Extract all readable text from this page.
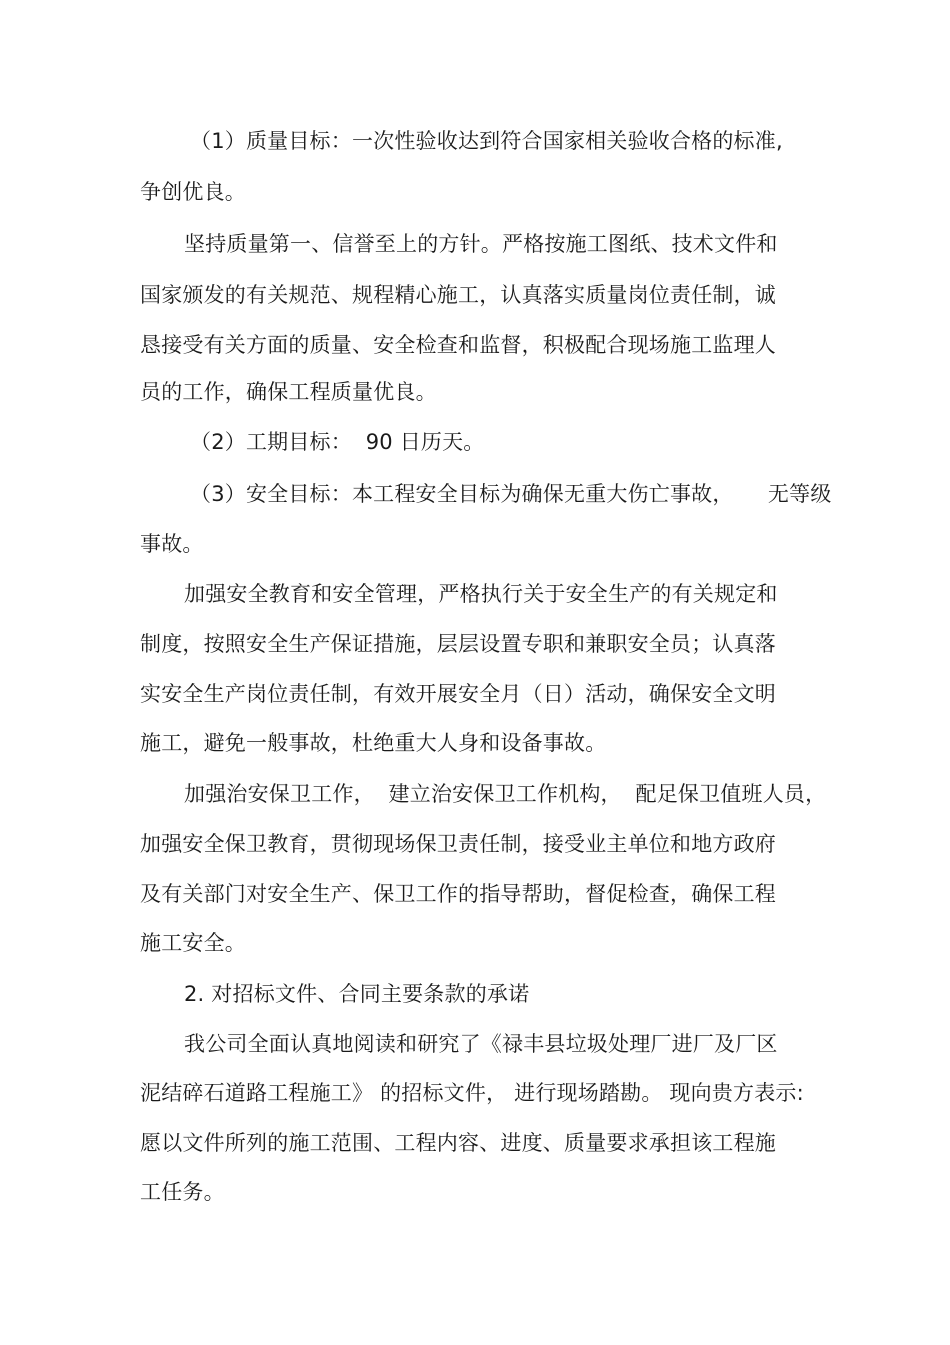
（1）质量目标：一次性验收达到符合国家相关验收合格的标准,
争创优良。
坚持质量第一、信誉至上的方针。严格按施工图纸、技术文件和
国家颁发的有关规范、规程精心施工，认真落实质量岗位责任制，诚
恳接受有关方面的质量、安全检查和监督，积极配合现场施工监理人
员的工作，确保工程质量优良。
（2）工期目标：  90 日历天。
（3）安全目标：本工程安全目标为确保无重大伤亡事故，     无等级
事故。
加强安全教育和安全管理，严格执行关于安全生产的有关规定和
制度，按照安全生产保证措施，层层设置专职和兼职安全员；认真落
实安全生产岗位责任制，有效开展安全月（日）活动，确保安全文明
施工，避免一般事故，杜绝重大人身和设备事故。
加强治安保卫工作，  建立治安保卫工作机构，  配足保卫值班人员，
加强安全保卫教育，贯彻现场保卫责任制，接受业主单位和地方政府
及有关部门对安全生产、保卫工作的指导帮助，督促检查，确保工程
施工安全。
2. 对招标文件、合同主要条款的承诺
我公司全面认真地阅读和研究了《禄丰县垃圾处理厂进厂及厂区
泥结碎石道路工程施工》 的招标文件， 进行现场踏勘。 现向贵方表示:
愿以文件所列的施工范围、工程内容、进度、质量要求承担该工程施
工任务。
